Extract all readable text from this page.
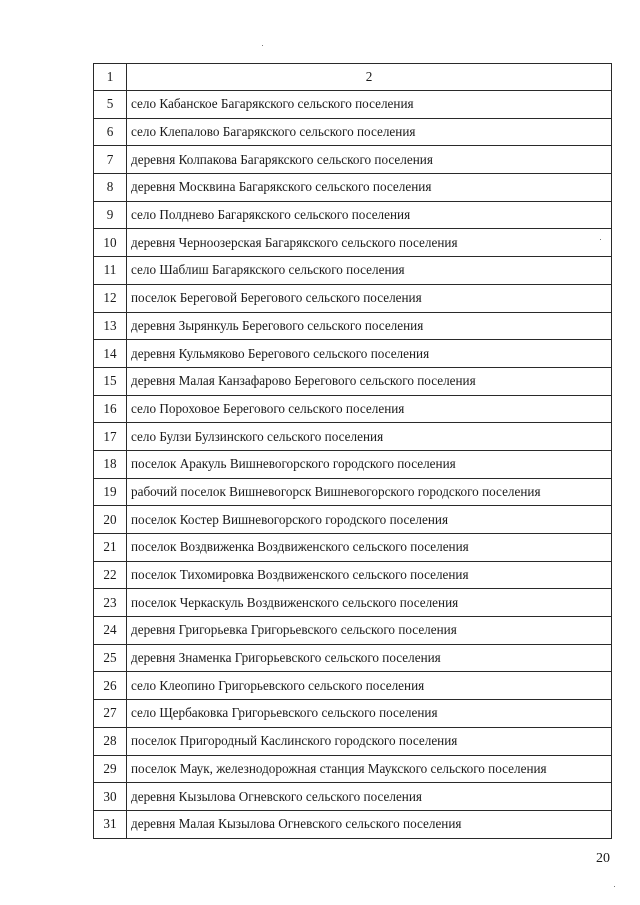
1	2
5	село Кабанское Багарякского сельского поселения
6	село Клепалово Багарякского сельского поселения
7	деревня Колпакова Багарякского сельского поселения
8	деревня Москвина Багарякского сельского поселения
9	село Полднево Багарякского сельского поселения
10	деревня Черноозерская Багарякского сельского поселения
11	село Шаблиш Багарякского сельского поселения
12	поселок Береговой Берегового сельского поселения
13	деревня Зырянкуль Берегового сельского поселения
14	деревня Кульмяково Берегового сельского поселения
15	деревня Малая Канзафарово Берегового сельского поселения
16	село Пороховое Берегового сельского поселения
17	село Булзи Булзинского сельского поселения
18	поселок Аракуль Вишневогорского городского поселения
19	рабочий поселок Вишневогорск Вишневогорского городского поселения
20	поселок Костер Вишневогорского городского поселения
21	поселок Воздвиженка Воздвиженского сельского поселения
22	поселок Тихомировка Воздвиженского сельского поселения
23	поселок Черкаскуль Воздвиженского сельского поселения
24	деревня Григорьевка Григорьевского сельского поселения
25	деревня Знаменка Григорьевского сельского поселения
26	село Клеопино Григорьевского сельского поселения
27	село Щербаковка Григорьевского сельского поселения
28	поселок Пригородный Каслинского городского поселения
29	поселок Маук, железнодорожная станция Маукского сельского поселения
30	деревня Кызылова Огневского сельского поселения
31	деревня Малая Кызылова Огневского сельского поселения
20
